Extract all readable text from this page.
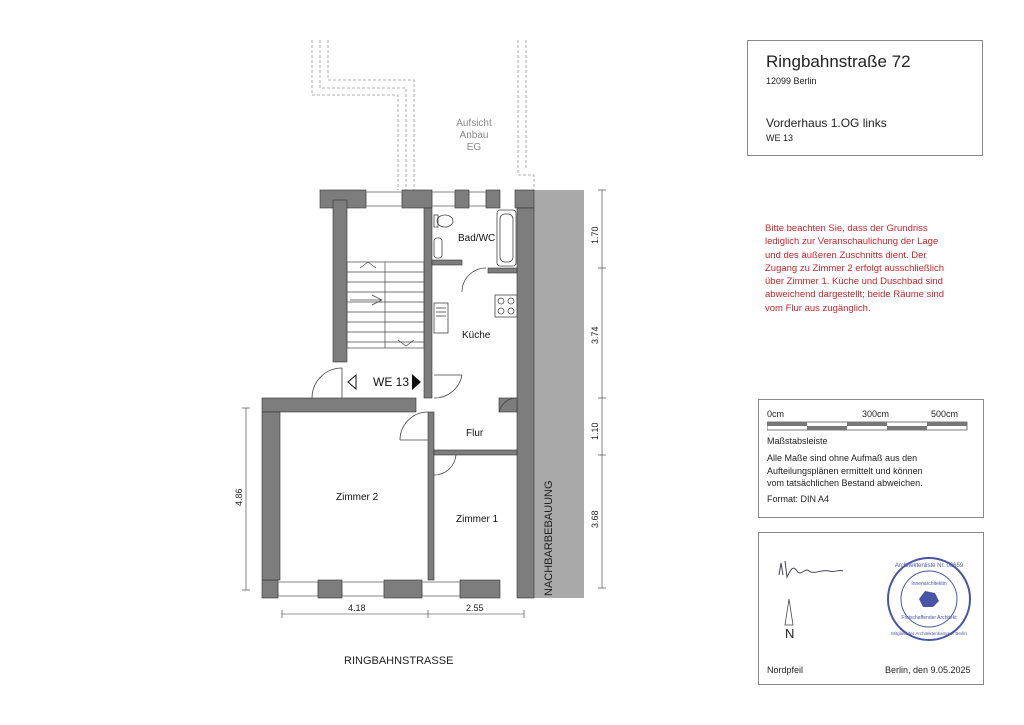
Aufsicht
Anbau
EG
NACHBARBEBAUUNG
WE 13
Bad/WC
Küche
Flur
Zimmer 1
Zimmer 2
1.70
3.74
1.10
3.68
4.86
4.18	2.55
RINGBAHNSTRASSE
Ringbahnstraße 72
12099 Berlin
Vorderhaus 1.OG links
WE 13
Bitte beachten Sie, dass der Grundriss
lediglich zur Veranschaulichung der Lage
und des äußeren Zuschnitts dient. Der
Zugang zu Zimmer 2 erfolgt ausschließlich
über Zimmer 1. Küche und Duschbad sind
abweichend dargestellt; beide Räume sind
vom Flur aus zugänglich.
0cm	300cm	500cm
Maßstabsleiste
Alle Maße sind ohne Aufmaß aus den
Aufteilungsplänen ermittelt und können
vom tatsächlichen Bestand abweichen.
Format: DIN A4
Architektenliste Nr. 06659
Innenarchitektin
Freischaffender Architekt
Mitglied der Architektenkammer Berlin
N
Nordpfeil	Berlin, den 9.05.2025
